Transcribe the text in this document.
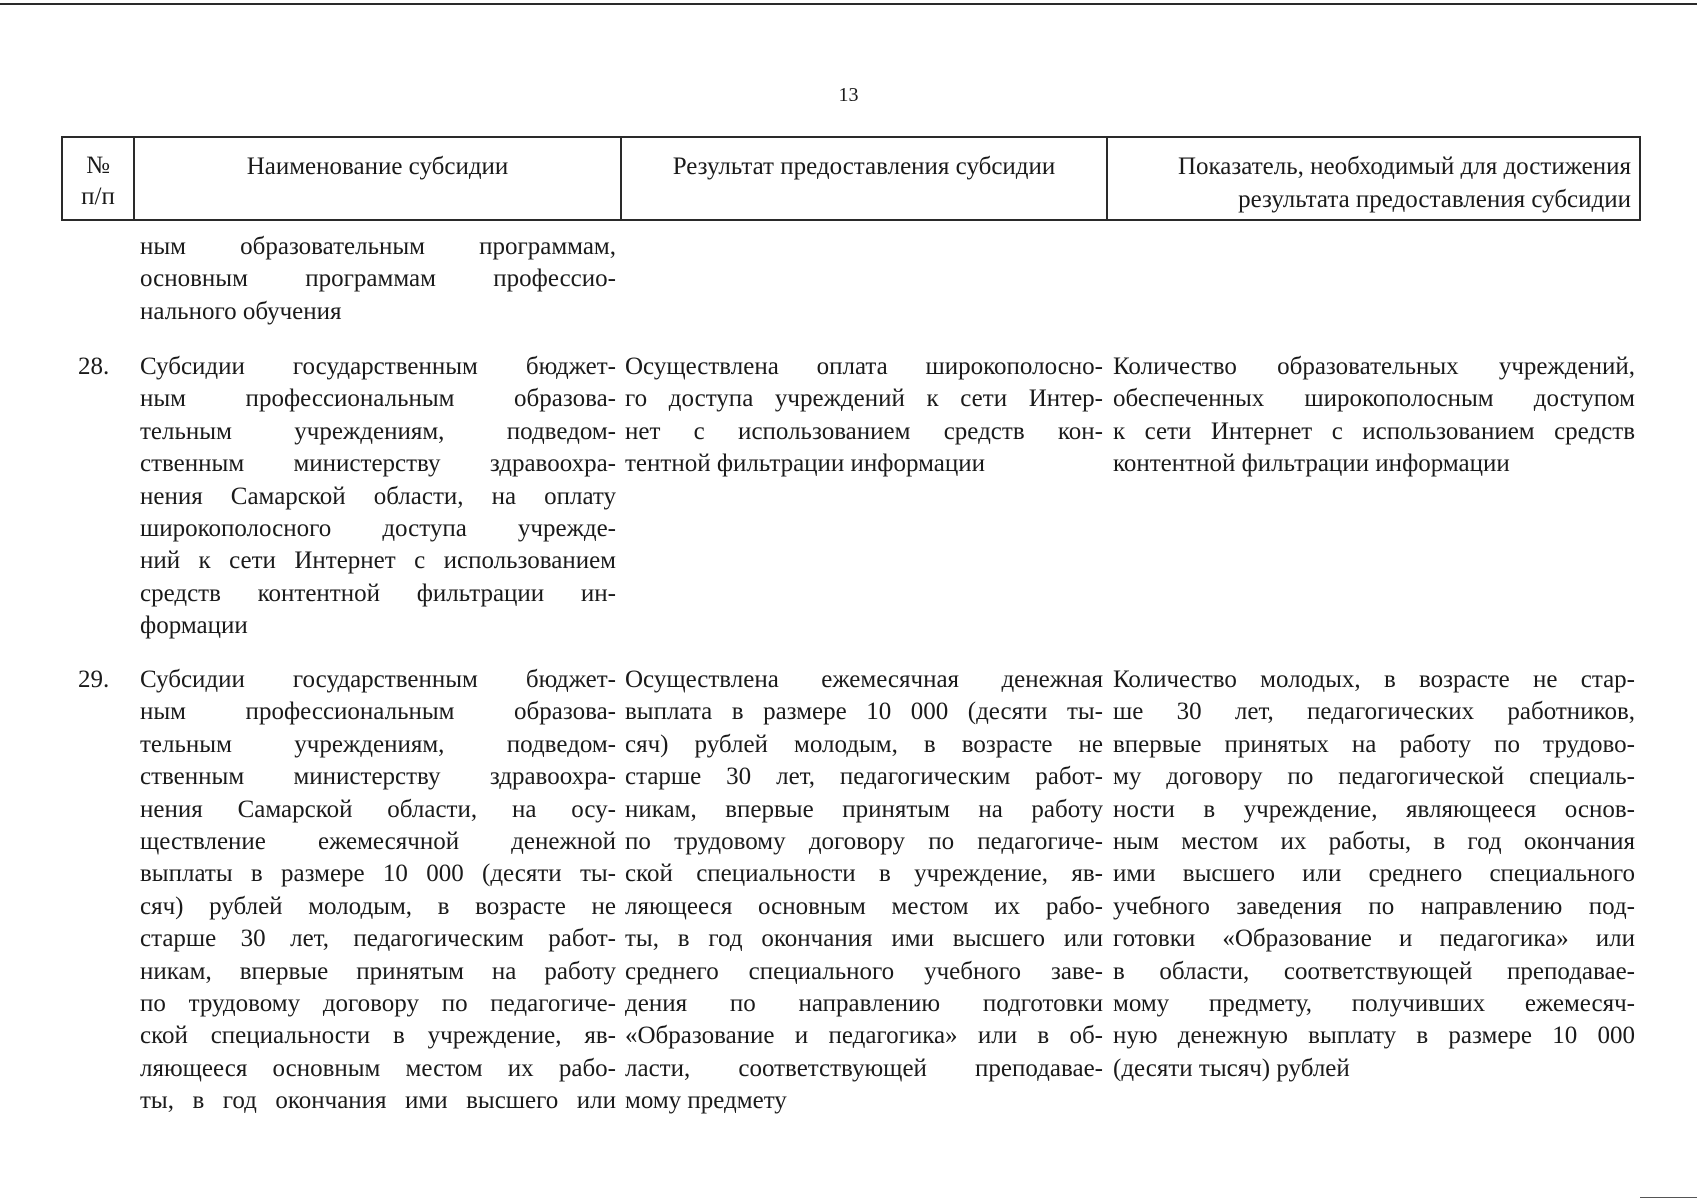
13
№
п/п
Наименование субсидии	Результат предоставления субсидии	Показатель, необходимый для достижения
результата предоставления субсидии
ным образовательным программам,
основным программам профессио-
нального обучения
28. Субсидии государственным бюджет-
ным профессиональным образова-
тельным учреждениям, подведом-
ственным министерству здравоохра-
нения Самарской области, на оплату
широкополосного доступа учрежде-
ний к сети Интернет с использованием
средств контентной фильтрации ин-
формации
Осуществлена оплата широкополосно-
го доступа учреждений к сети Интер-
нет с использованием средств кон-
тентной фильтрации информации
Количество образовательных учреждений,
обеспеченных широкополосным доступом
к сети Интернет с использованием средств
контентной фильтрации информации
29. Субсидии государственным бюджет-
ным профессиональным образова-
тельным учреждениям, подведом-
ственным министерству здравоохра-
нения Самарской области, на осу-
ществление ежемесячной денежной
выплаты в размере 10 000 (десяти ты-
сяч) рублей молодым, в возрасте не
старше 30 лет, педагогическим работ-
никам, впервые принятым на работу
по трудовому договору по педагогиче-
ской специальности в учреждение, яв-
ляющееся основным местом их рабо-
ты, в год окончания ими высшего или
Осуществлена ежемесячная денежная
выплата в размере 10 000 (десяти ты-
сяч) рублей молодым, в возрасте не
старше 30 лет, педагогическим работ-
никам, впервые принятым на работу
по трудовому договору по педагогиче-
ской специальности в учреждение, яв-
ляющееся основным местом их рабо-
ты, в год окончания ими высшего или
среднего специального учебного заве-
дения по направлению подготовки
«Образование и педагогика» или в об-
ласти, соответствующей преподавае-
мому предмету
Количество молодых, в возрасте не стар-
ше 30 лет, педагогических работников,
впервые принятых на работу по трудово-
му договору по педагогической специаль-
ности в учреждение, являющееся основ-
ным местом их работы, в год окончания
ими высшего или среднего специального
учебного заведения по направлению под-
готовки «Образование и педагогика» или
в области, соответствующей преподавае-
мому предмету, получивших ежемесяч-
ную денежную выплату в размере 10 000
(десяти тысяч) рублей
